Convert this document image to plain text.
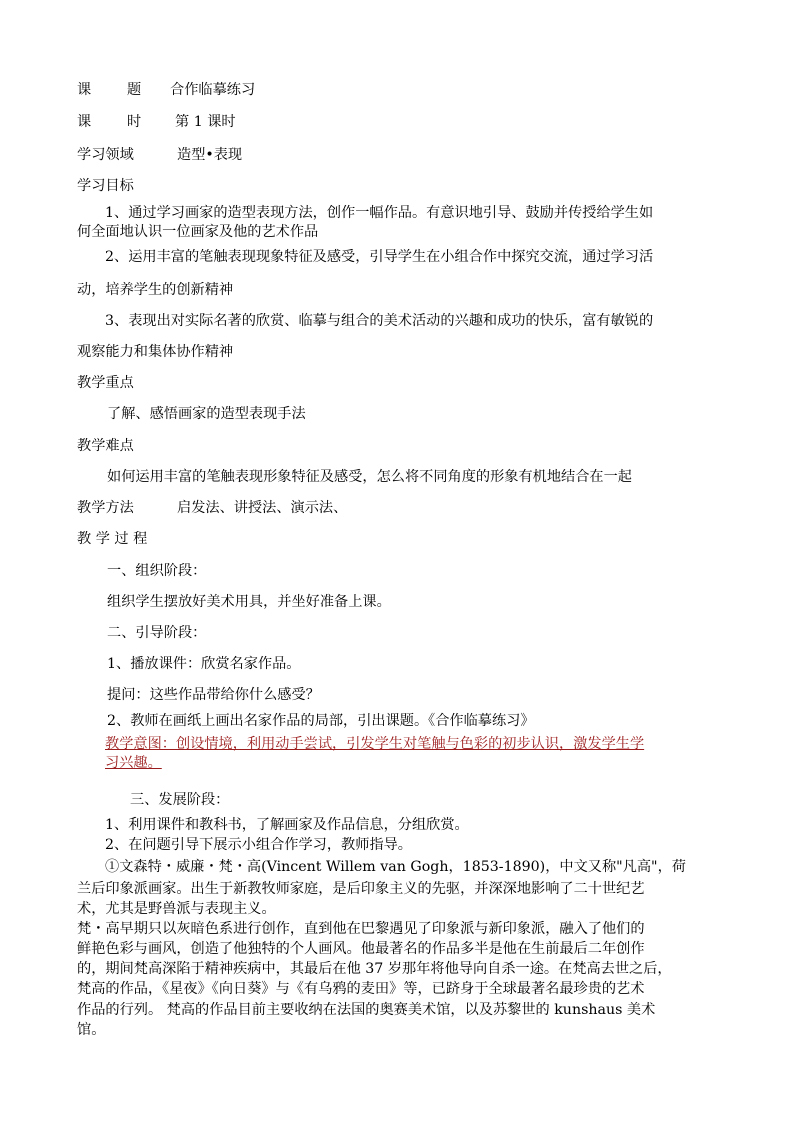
课	题 合作临摹练习
课	时 第 1 课时
学习领域	造型•表现
学习目标
1、通过学习画家的造型表现方法，创作一幅作品。有意识地引导、鼓励并传授给学生如
何全面地认识一位画家及他的艺术作品
2、运用丰富的笔触表现现象特征及感受，引导学生在小组合作中探究交流，通过学习活
动，培养学生的创新精神
3、表现出对实际名著的欣赏、临摹与组合的美术活动的兴趣和成功的快乐，富有敏锐的
观察能力和集体协作精神
教学重点
了解、感悟画家的造型表现手法
教学难点
如何运用丰富的笔触表现形象特征及感受，怎么将不同角度的形象有机地结合在一起
教学方法	启发法、讲授法、演示法、
教 学 过 程
一、组织阶段：
组织学生摆放好美术用具，并坐好准备上课。
二、引导阶段：
1、播放课件：欣赏名家作品。
提问：这些作品带给你什么感受？
2、教师在画纸上画出名家作品的局部，引出课题。《合作临摹练习》
教学意图：创设情境，利用动手尝试，引发学生对笔触与色彩的初步认识，激发学生学
习兴趣。
三、发展阶段：
1、利用课件和教科书，了解画家及作品信息，分组欣赏。
2、在问题引导下展示小组合作学习，教师指导。
①文森特・威廉・梵・高(Vincent Willem van Gogh，1853-1890)，中文又称"凡高"，荷
兰后印象派画家。出生于新教牧师家庭，是后印象主义的先驱，并深深地影响了二十世纪艺
术，尤其是野兽派与表现主义。
梵・高早期只以灰暗色系进行创作，直到他在巴黎遇见了印象派与新印象派，融入了他们的
鲜艳色彩与画风，创造了他独特的个人画风。他最著名的作品多半是他在生前最后二年创作
的，期间梵高深陷于精神疾病中，其最后在他 37 岁那年将他导向自杀一途。在梵高去世之后，
梵高的作品，《星夜》《向日葵》与《有乌鸦的麦田》等，已跻身于全球最著名最珍贵的艺术
作品的行列。 梵高的作品目前主要收纳在法国的奥赛美术馆，以及苏黎世的 kunshaus 美术
馆。
